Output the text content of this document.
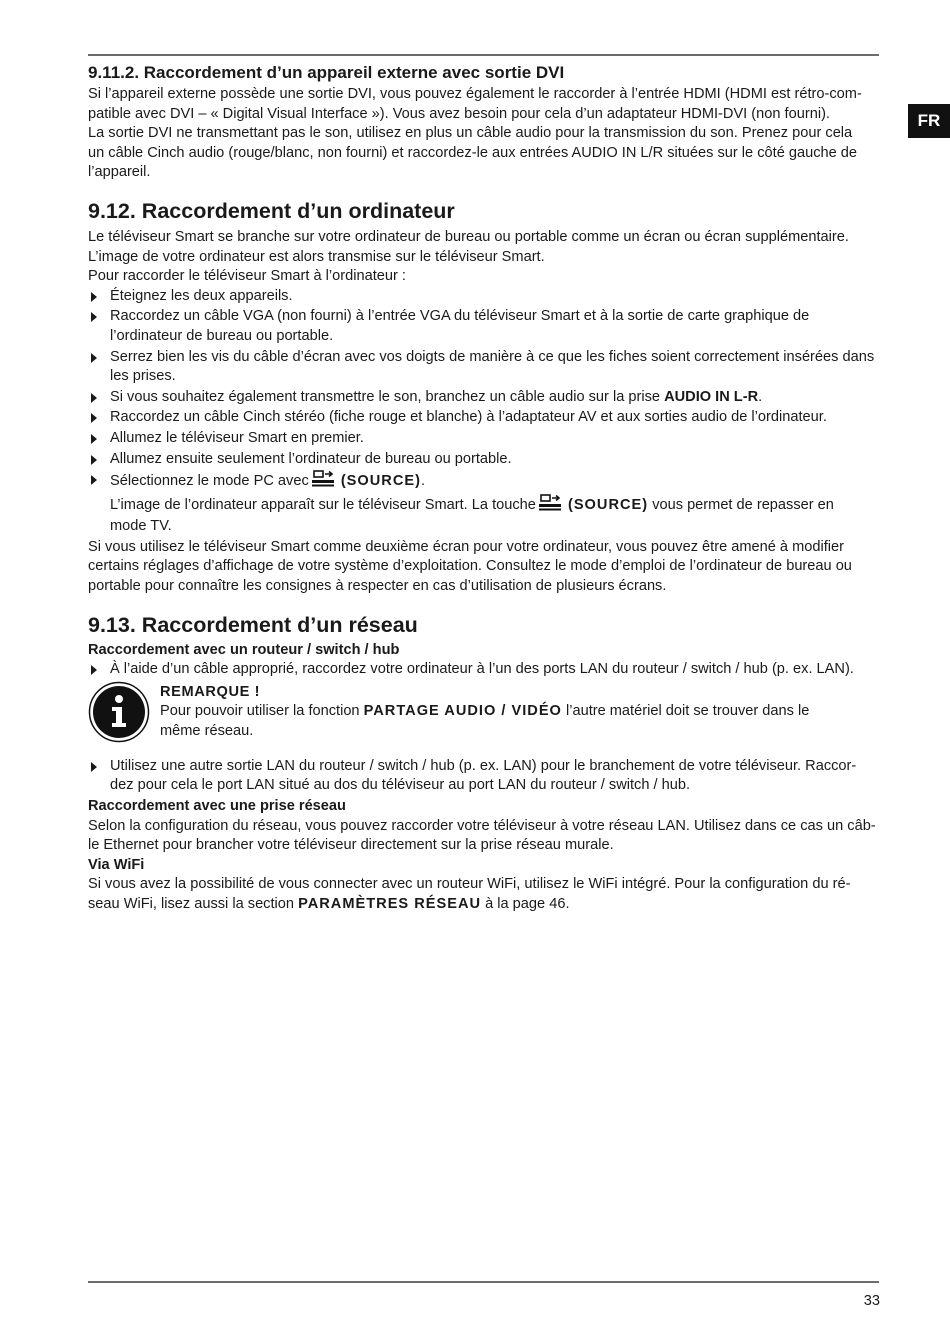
FR
9.11.2. Raccordement d’un appareil externe avec sortie DVI

Si l’appareil externe possède une sortie DVI, vous pouvez également le raccorder à l’entrée HDMI (HDMI est rétro-com-
patible avec DVI – « Digital Visual Interface »). Vous avez besoin pour cela d’un adaptateur HDMI-DVI (non fourni).
La sortie DVI ne transmettant pas le son, utilisez en plus un câble audio pour la transmission du son. Prenez pour cela
un câble Cinch audio (rouge/blanc, non fourni) et raccordez-le aux entrées AUDIO IN L/R situées sur le côté gauche de
l’appareil.

9.12. Raccordement d’un ordinateur

Le téléviseur Smart se branche sur votre ordinateur de bureau ou portable comme un écran ou écran supplémentaire.
L’image de votre ordinateur est alors transmise sur le téléviseur Smart.
Pour raccorder le téléviseur Smart à l’ordinateur :

Éteignez les deux appareils.
Raccordez un câble VGA (non fourni) à l’entrée VGA du téléviseur Smart et à la sortie de carte graphique de
l’ordinateur de bureau ou portable.
Serrez bien les vis du câble d’écran avec vos doigts de manière à ce que les fiches soient correctement insérées dans
les prises.
Si vous souhaitez également transmettre le son, branchez un câble audio sur la prise AUDIO IN L-R.
Raccordez un câble Cinch stéréo (fiche rouge et blanche) à l’adaptateur AV et aux sorties audio de l’ordinateur.
Allumez le téléviseur Smart en premier.
Allumez ensuite seulement l’ordinateur de bureau ou portable.
Sélectionnez le mode PC avec (SOURCE).
L’image de l’ordinateur apparaît sur le téléviseur Smart. La touche (SOURCE) vous permet de repasser en
mode TV.

Si vous utilisez le téléviseur Smart comme deuxième écran pour votre ordinateur, vous pouvez être amené à modifier
certains réglages d’affichage de votre système d’exploitation. Consultez le mode d’emploi de l’ordinateur de bureau ou
portable pour connaître les consignes à respecter en cas d’utilisation de plusieurs écrans.

9.13. Raccordement d’un réseau

Raccordement avec un routeur / switch / hub

À l’aide d’un câble approprié, raccordez votre ordinateur à l’un des ports LAN du routeur / switch / hub (p. ex. LAN).
REMARQUE !
Pour pouvoir utiliser la fonction PARTAGE AUDIO / VIDÉO l’autre matériel doit se trouver dans le
même réseau.
Utilisez une autre sortie LAN du routeur / switch / hub (p. ex. LAN) pour le branchement de votre téléviseur. Raccor-
dez pour cela le port LAN situé au dos du téléviseur au port LAN du routeur / switch / hub.

Raccordement avec une prise réseau

Selon la configuration du réseau, vous pouvez raccorder votre téléviseur à votre réseau LAN. Utilisez dans ce cas un câb-
le Ethernet pour brancher votre téléviseur directement sur la prise réseau murale.

Via WiFi

Si vous avez la possibilité de vous connecter avec un routeur WiFi, utilisez le WiFi intégré. Pour la configuration du ré-
seau WiFi, lisez aussi la section PARAMÈTRES RÉSEAU à la page 46.

33
